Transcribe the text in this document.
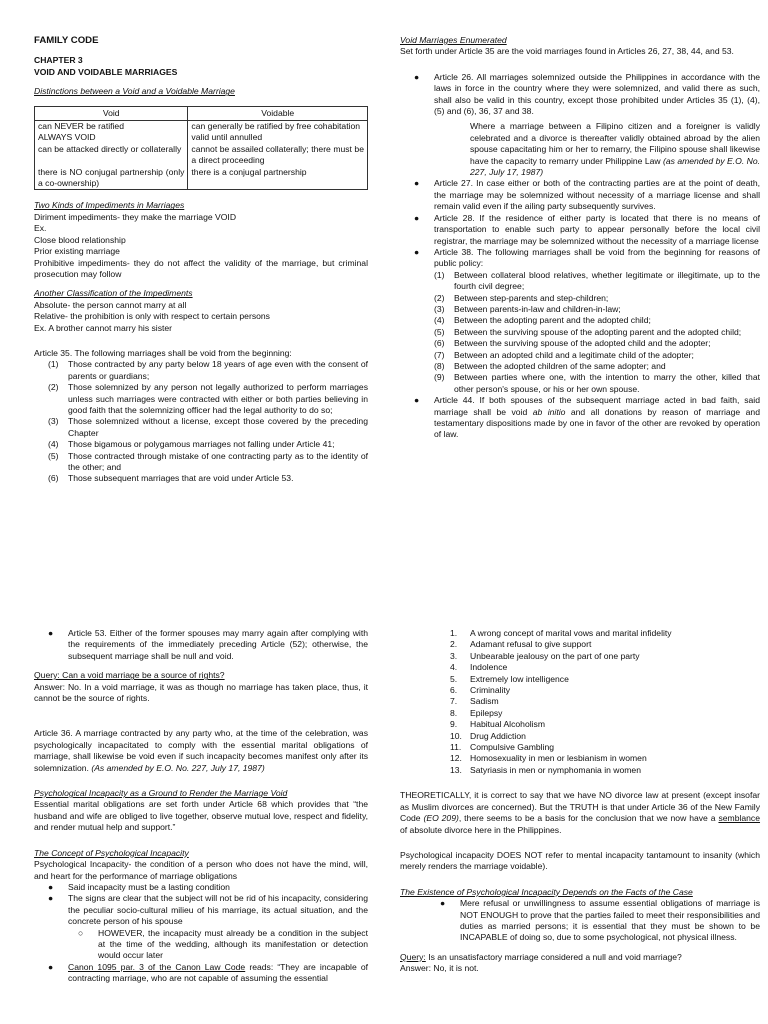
FAMILY CODE

CHAPTER 3

VOID AND VOIDABLE MARRIAGES

Distinctions between a Void and a Voidable Marriage

Void	Voidable
can NEVER be ratified	can generally be ratified by free cohabitation
ALWAYS VOID	valid until annulled
can be attacked directly or collaterally	cannot be assailed collaterally; there must be a direct proceeding
there is NO conjugal partnership (only a co-ownership)	there is a conjugal partnership

Two Kinds of Impediments in Marriages

Diriment impediments- they make the marriage VOID

Ex.

Close blood relationship

Prior existing marriage

Prohibitive impediments- they do not affect the validity of the marriage, but criminal prosecution may follow

Another Classification of the Impediments

Absolute- the person cannot marry at all

Relative- the prohibition is only with respect to certain persons

Ex. A brother cannot marry his sister

Article 35. The following marriages shall be void from the beginning:

(1)	Those contracted by any party below 18 years of age even with the consent of parents or guardians;
(2)	Those solemnized by any person not legally authorized to perform marriages unless such marriages were contracted with either or both parties believing in good faith that the solemnizing officer had the legal authority to do so;
(3)	Those solemnized without a license, except those covered by the preceding Chapter
(4)	Those bigamous or polygamous marriages not falling under Article 41;
(5)	Those contracted through mistake of one contracting party as to the identity of the other; and
(6)	Those subsequent marriages that are void under Article 53.

Void Marriages Enumerated

Set forth under Article 35 are the void marriages found in Articles 26, 27, 38, 44, and 53.

●	Article 26. All marriages solemnized outside the Philippines in accordance with the laws in force in the country where they were solemnized, and valid there as such, shall also be valid in this country, except those prohibited under Articles 35 (1), (4), (5) and (6), 36, 37 and 38.

Where a marriage between a Filipino citizen and a foreigner is validly celebrated and a divorce is thereafter validly obtained abroad by the alien spouse capacitating him or her to remarry, the Filipino spouse shall likewise have the capacity to remarry under Philippine Law (as amended by E.O. No. 227, July 17, 1987)

●	Article 27. In case either or both of the contracting parties are at the point of death, the marriage may be solemnized without necessity of a marriage license and shall remain valid even if the ailing party subsequently survives.
●	Article 28. If the residence of either party is located that there is no means of transportation to enable such party to appear personally before the local civil registrar, the marriage may be solemnized without the necessity of a marriage license
●	Article 38. The following marriages shall be void from the beginning for reasons of public policy:

(1)	Between collateral blood relatives, whether legitimate or illegitimate, up to the fourth civil degree;
(2)	Between step-parents and step-children;
(3)	Between parents-in-law and children-in-law;
(4)	Between the adopting parent and the adopted child;
(5)	Between the surviving spouse of the adopting parent and the adopted child;
(6)	Between the surviving spouse of the adopted child and the adopter;
(7)	Between an adopted child and a legitimate child of the adopter;
(8)	Between the adopted children of the same adopter; and
(9)	Between parties where one, with the intention to marry the other, killed that other person's spouse, or his or her own spouse.
●	Article 44. If both spouses of the subsequent marriage acted in bad faith, said marriage shall be void ab initio and all donations by reason of marriage and testamentary dispositions made by one in favor of the other are revoked by operation of law.
●	Article 53. Either of the former spouses may marry again after complying with the requirements of the immediately preceding Article (52); otherwise, the subsequent marriage shall be null and void.

Query: Can a void marriage be a source of rights?

Answer: No. In a void marriage, it was as though no marriage has taken place, thus, it cannot be the source of rights.

Article 36. A marriage contracted by any party who, at the time of the celebration, was psychologically incapacitated to comply with the essential marital obligations of marriage, shall likewise be void even if such incapacity becomes manifest only after its solemnization. (As amended by E.O. No. 227, July 17, 1987)

Psychological Incapacity as a Ground to Render the Marriage Void

Essential marital obligations are set forth under Article 68 which provides that “the husband and wife are obliged to live together, observe mutual love, respect and fidelity, and render mutual help and support.”

The Concept of Psychological Incapacity

Psychological Incapacity- the condition of a person who does not have the mind, will, and heart for the performance of marriage obligations

●	Said incapacity must be a lasting condition
●	The signs are clear that the subject will not be rid of his incapacity, considering the peculiar socio-cultural milieu of his marriage, its actual situation, and the concrete person of his spouse

○	HOWEVER, the incapacity must already be a condition in the subject at the time of the wedding, although its manifestation or detection would occur later
●	Canon 1095 par. 3 of the Canon Law Code reads: “They are incapable of contracting marriage, who are not capable of assuming the essential
1.	A wrong concept of marital vows and marital infidelity
2.	Adamant refusal to give support
3.	Unbearable jealousy on the part of one party
4.	Indolence
5.	Extremely low intelligence
6.	Criminality
7.	Sadism
8.	Epilepsy
9.	Habitual Alcoholism
10. Drug Addiction
11.	Compulsive Gambling
12. Homosexuality in men or lesbianism in women
13. Satyriasis in men or nymphomania in women

THEORETICALLY, it is correct to say that we have NO divorce law at present (except insofar as Muslim divorces are concerned). But the TRUTH is that under Article 36 of the New Family Code (EO 209), there seems to be a basis for the conclusion that we now have a semblance of absolute divorce here in the Philippines.

Psychological incapacity DOES NOT refer to mental incapacity tantamount to insanity (which merely renders the marriage voidable).

The Existence of Psychological Incapacity Depends on the Facts of the Case

●	Mere refusal or unwillingness to assume essential obligations of marriage is NOT ENOUGH to prove that the parties failed to meet their responsibilities and duties as married persons; it is essential that they must be shown to be INCAPABLE of doing so, due to some psychological, not physical illness.

Query: Is an unsatisfactory marriage considered a null and void marriage?

Answer: No, it is not.
